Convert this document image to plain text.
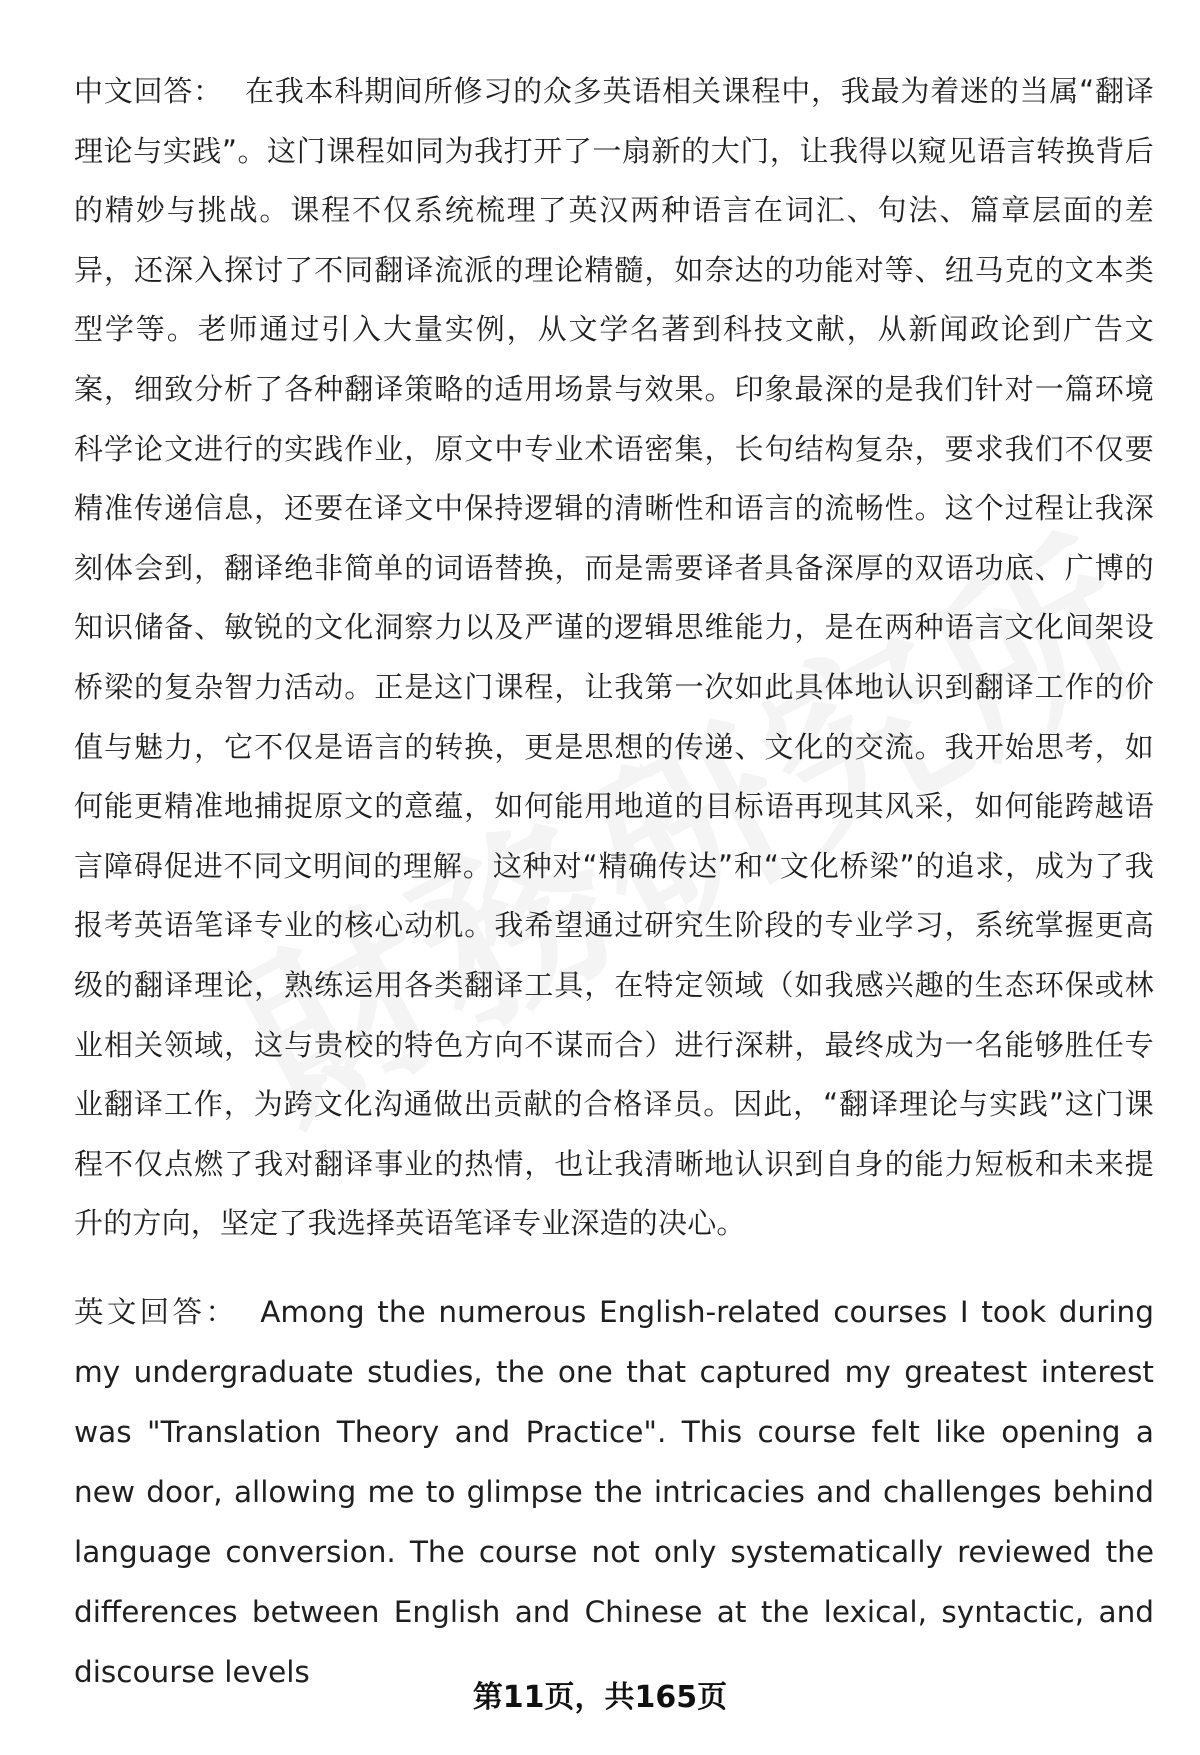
中文回答： 在我本科期间所修习的众多英语相关课程中，我最为着迷的当属“翻译理论与实践”。这门课程如同为我打开了一扇新的大门，让我得以窥见语言转换背后的精妙与挑战。课程不仅系统梳理了英汉两种语言在词汇、句法、篇章层面的差异，还深入探讨了不同翻译流派的理论精髓，如奈达的功能对等、纽马克的文本类型学等。老师通过引入大量实例，从文学名著到科技文献，从新闻政论到广告文案，细致分析了各种翻译策略的适用场景与效果。印象最深的是我们针对一篇环境科学论文进行的实践作业，原文中专业术语密集，长句结构复杂，要求我们不仅要精准传递信息，还要在译文中保持逻辑的清晰性和语言的流畅性。这个过程让我深刻体会到，翻译绝非简单的词语替换，而是需要译者具备深厚的双语功底、广博的知识储备、敏锐的文化洞察力以及严谨的逻辑思维能力，是在两种语言文化间架设桥梁的复杂智力活动。正是这门课程，让我第一次如此具体地认识到翻译工作的价值与魅力，它不仅是语言的转换，更是思想的传递、文化的交流。我开始思考，如何能更精准地捕捉原文的意蕴，如何能用地道的目标语再现其风采，如何能跨越语言障碍促进不同文明间的理解。这种对“精确传达”和“文化桥梁”的追求，成为了我报考英语笔译专业的核心动机。我希望通过研究生阶段的专业学习，系统掌握更高级的翻译理论，熟练运用各类翻译工具，在特定领域（如我感兴趣的生态环保或林业相关领域，这与贵校的特色方向不谋而合）进行深耕，最终成为一名能够胜任专业翻译工作，为跨文化沟通做出贡献的合格译员。因此，“翻译理论与实践”这门课程不仅点燃了我对翻译事业的热情，也让我清晰地认识到自身的能力短板和未来提升的方向，坚定了我选择英语笔译专业深造的决心。

英文回答： Among the numerous English-related courses I took during my undergraduate studies, the one that captured my greatest interest was "Translation Theory and Practice". This course felt like opening a new door, allowing me to glimpse the intricacies and challenges behind language conversion. The course not only systematically reviewed the differences between English and Chinese at the lexical, syntactic, and discourse levels

第11页，共165页
